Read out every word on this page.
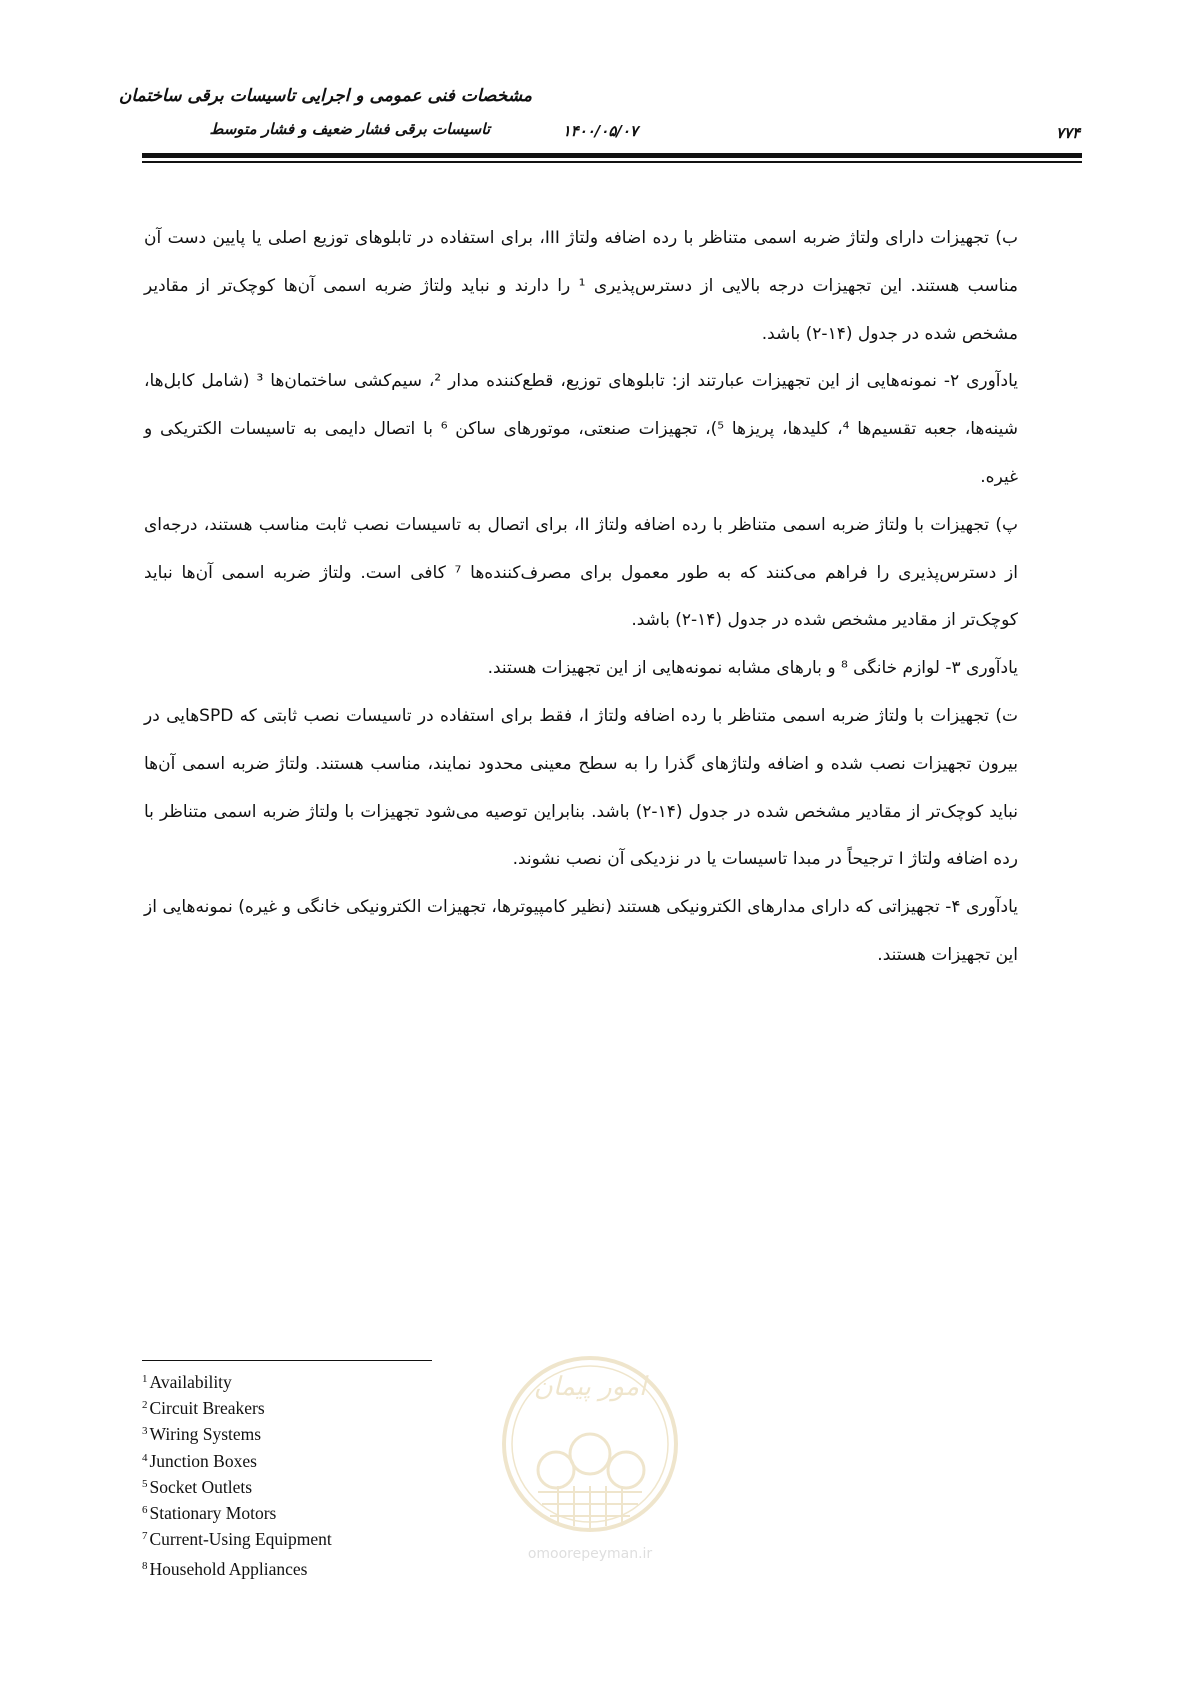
مشخصات فنی عمومی و اجرایی تاسیسات برقی ساختمان
۷۷۴
۱۴۰۰/۰۵/۰۷
تاسیسات برقی فشار ضعیف و فشار متوسط

ب) تجهیزات دارای ولتاژ ضربه اسمی متناظر با رده اضافه ولتاژ III، برای استفاده در تابلوهای توزیع اصلی یا پایین دست آن مناسب هستند. این تجهیزات درجه بالایی از دسترس‌پذیری ¹ را دارند و نباید ولتاژ ضربه اسمی آن‌ها کوچک‌تر از مقادیر مشخص شده در جدول (۱۴-۲) باشد.

یادآوری ۲- نمونه‌هایی از این تجهیزات عبارتند از: تابلوهای توزیع، قطع‌کننده مدار ²، سیم‌کشی ساختمان‌ها ³ (شامل کابل‌ها، شینه‌ها، جعبه تقسیم‌ها ⁴، کلیدها، پریزها ⁵)، تجهیزات صنعتی، موتورهای ساکن ⁶ با اتصال دایمی به تاسیسات الکتریکی و غیره.

پ) تجهیزات با ولتاژ ضربه اسمی متناظر با رده اضافه ولتاژ II، برای اتصال به تاسیسات نصب ثابت مناسب هستند، درجه‌ای از دسترس‌پذیری را فراهم می‌کنند که به طور معمول برای مصرف‌کننده‌ها ⁷ کافی است. ولتاژ ضربه اسمی آن‌ها نباید کوچک‌تر از مقادیر مشخص شده در جدول (۱۴-۲) باشد.

یادآوری ۳- لوازم خانگی ⁸ و بارهای مشابه نمونه‌هایی از این تجهیزات هستند.

ت) تجهیزات با ولتاژ ضربه اسمی متناظر با رده اضافه ولتاژ I، فقط برای استفاده در تاسیسات نصب ثابتی که SPDهایی در بیرون تجهیزات نصب شده و اضافه ولتاژهای گذرا را به سطح معینی محدود نمایند، مناسب هستند. ولتاژ ضربه اسمی آن‌ها نباید کوچک‌تر از مقادیر مشخص شده در جدول (۱۴-۲) باشد. بنابراین توصیه می‌شود تجهیزات با ولتاژ ضربه اسمی متناظر با رده اضافه ولتاژ I ترجیحاً در مبدا تاسیسات یا در نزدیکی آن نصب نشوند.

یادآوری ۴- تجهیزاتی که دارای مدارهای الکترونیکی هستند (نظیر کامپیوترها، تجهیزات الکترونیکی خانگی و غیره) نمونه‌هایی از این تجهیزات هستند.

$^1$ Availability
$^2$ Circuit Breakers
$^3$ Wiring Systems
$^4$ Junction Boxes
$^5$ Socket Outlets
$^6$ Stationary Motors
$^7$ Current-Using Equipment
$^8$ Household Appliances
امور پیمان
omoorepeyman.ir
